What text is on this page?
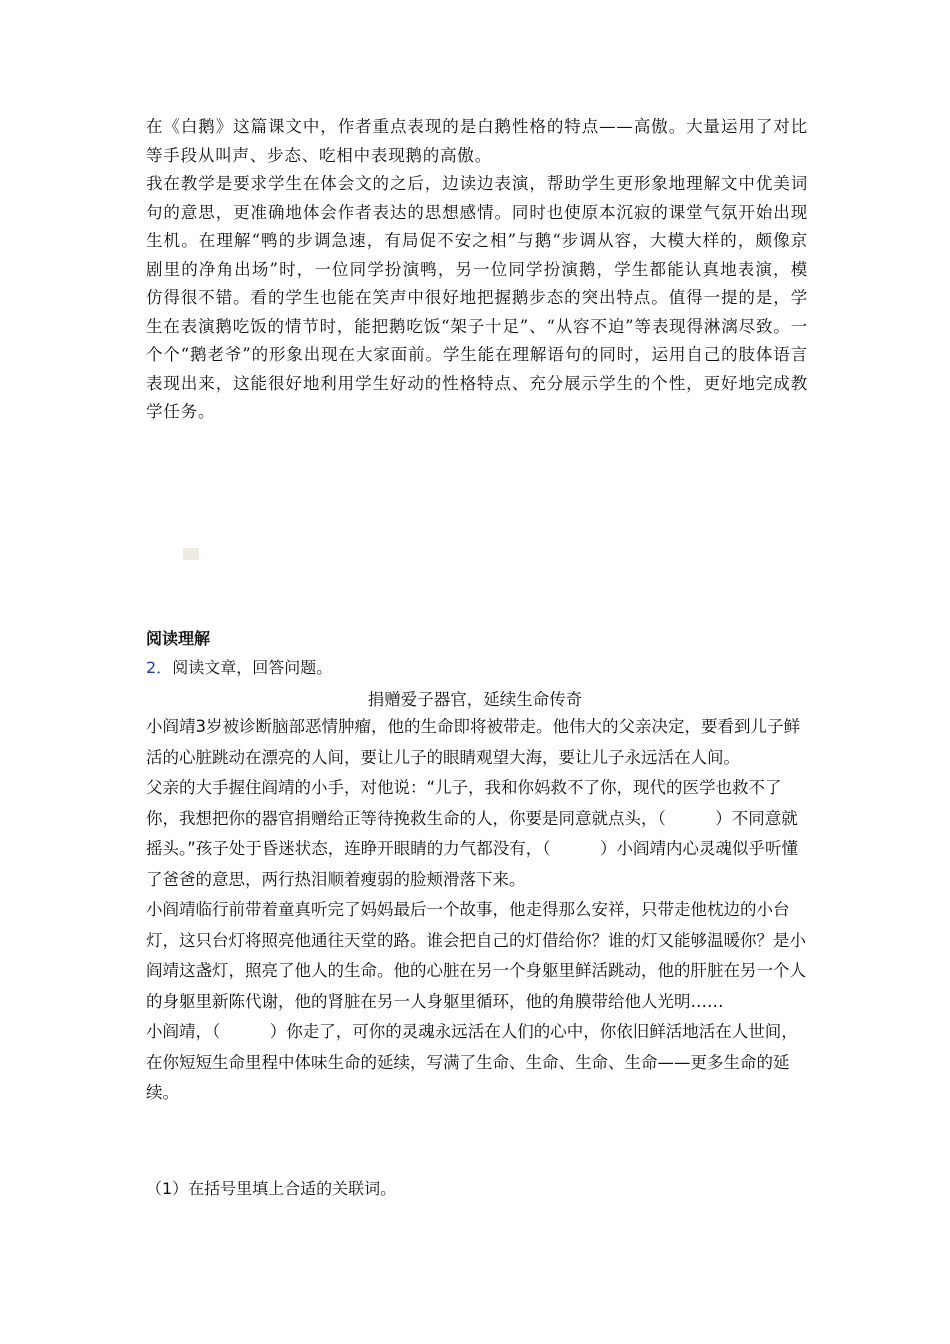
在《白鹅》这篇课文中，作者重点表现的是白鹅性格的特点——高傲。大量运用了对比等手段从叫声、步态、吃相中表现鹅的高傲。

我在教学是要求学生在体会文的之后，边读边表演，帮助学生更形象地理解文中优美词句的意思，更准确地体会作者表达的思想感情。同时也使原本沉寂的课堂气氛开始出现生机。在理解“鸭的步调急速，有局促不安之相”与鹅“步调从容，大模大样的，颇像京剧里的净角出场”时，一位同学扮演鸭，另一位同学扮演鹅，学生都能认真地表演，模仿得很不错。看的学生也能在笑声中很好地把握鹅步态的突出特点。值得一提的是，学生在表演鹅吃饭的情节时，能把鹅吃饭“架子十足”、“从容不迫”等表现得淋漓尽致。一个个“鹅老爷”的形象出现在大家面前。学生能在理解语句的同时，运用自己的肢体语言表现出来，这能很好地利用学生好动的性格特点、充分展示学生的个性，更好地完成教学任务。

阅读理解
2．阅读文章，回答问题。
捐赠爱子器官，延续生命传奇

小阎靖3岁被诊断脑部恶情肿瘤，他的生命即将被带走。他伟大的父亲决定，要看到儿子鲜活的心脏跳动在漂亮的人间，要让儿子的眼睛观望大海，要让儿子永远活在人间。

父亲的大手握住阎靖的小手，对他说：“儿子，我和你妈救不了你，现代的医学也救不了你，我想把你的器官捐赠给正等待挽救生命的人，你要是同意就点头，（　　　）不同意就摇头。”孩子处于昏迷状态，连睁开眼睛的力气都没有，（　　　）小阎靖内心灵魂似乎听懂了爸爸的意思，两行热泪顺着瘦弱的脸颊滑落下来。

小阎靖临行前带着童真听完了妈妈最后一个故事，他走得那么安祥，只带走他枕边的小台灯，这只台灯将照亮他通往天堂的路。谁会把自己的灯借给你？谁的灯又能够温暖你？是小阎靖这盏灯，照亮了他人的生命。他的心脏在另一个身躯里鲜活跳动，他的肝脏在另一个人的身躯里新陈代谢，他的肾脏在另一人身躯里循环，他的角膜带给他人光明……

小阎靖，（　　　）你走了，可你的灵魂永远活在人们的心中，你依旧鲜活地活在人世间，在你短短生命里程中体味生命的延续，写满了生命、生命、生命、生命——更多生命的延续。

（1）在括号里填上合适的关联词。
